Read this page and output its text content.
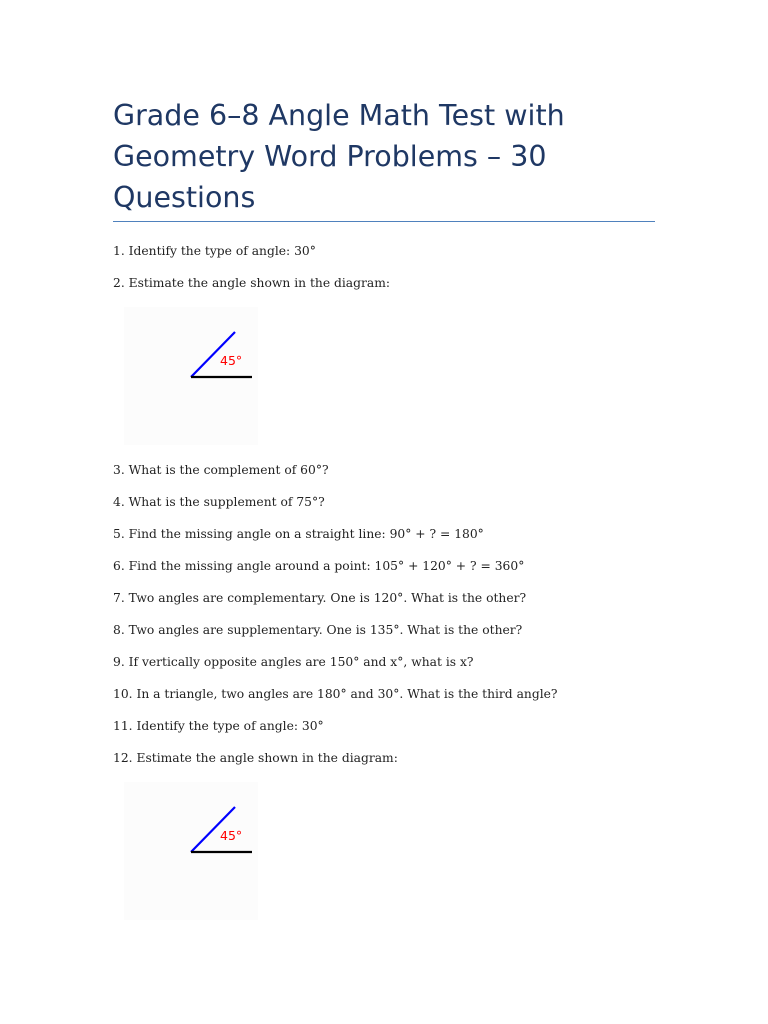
Grade 6–8 Angle Math Test with Geometry Word Problems – 30 Questions

1. Identify the type of angle: 30°

2. Estimate the angle shown in the diagram:

45°

3. What is the complement of 60°?

4. What is the supplement of 75°?

5. Find the missing angle on a straight line: 90° + ? = 180°

6. Find the missing angle around a point: 105° + 120° + ? = 360°

7. Two angles are complementary. One is 120°. What is the other?

8. Two angles are supplementary. One is 135°. What is the other?

9. If vertically opposite angles are 150° and x°, what is x?

10. In a triangle, two angles are 180° and 30°. What is the third angle?

11. Identify the type of angle: 30°

12. Estimate the angle shown in the diagram:

45°
